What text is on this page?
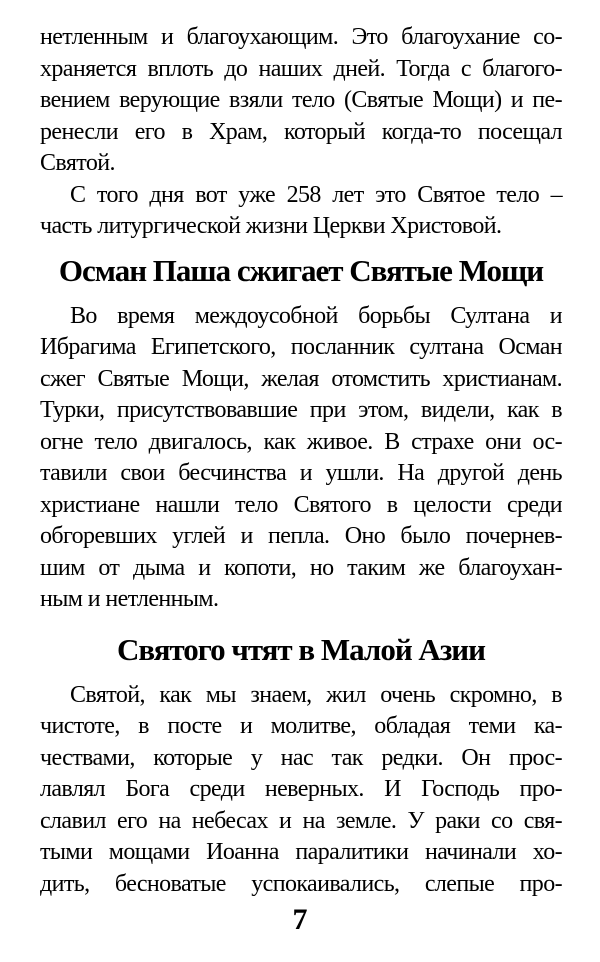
нетленным и благоухающим. Это благоухание со-
храняется вплоть до наших дней. Тогда с благого-
вением верующие взяли тело (Святые Мощи) и пе-
ренесли его в Храм, который когда-то посещал
Святой.

С того дня вот уже 258 лет это Святое тело –
часть литургической жизни Церкви Христовой.

Осман Паша сжигает Святые Мощи

Во время междоусобной борьбы Султана и
Ибрагима Египетского, посланник султана Осман
сжег Святые Мощи, желая отомстить христианам.
Турки, присутствовавшие при этом, видели, как в
огне тело двигалось, как живое. В страхе они ос-
тавили свои бесчинства и ушли. На другой день
христиане нашли тело Святого в целости среди
обгоревших углей и пепла. Оно было почернев-
шим от дыма и копоти, но таким же благоухан-
ным и нетленным.

Святого чтят в Малой Азии

Святой, как мы знаем, жил очень скромно, в
чистоте, в посте и молитве, обладая теми ка-
чествами, которые у нас так редки. Он прос-
лавлял Бога среди неверных. И Господь про-
славил его на небесах и на земле. У раки со свя-
тыми мощами Иоанна паралитики начинали хо-
дить, бесноватые успокаивались, слепые про-

7
